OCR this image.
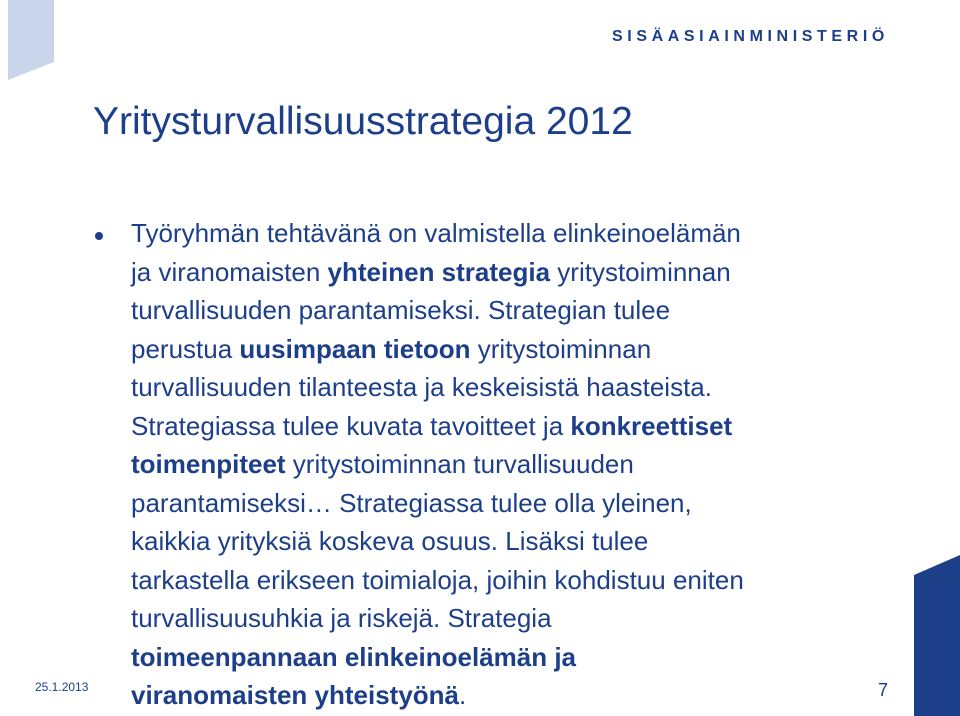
SISÄASIAINMINISTERIÖ
Yritysturvallisuusstrategia 2012

Työryhmän tehtävänä on valmistella elinkeinoelämän
ja viranomaisten yhteinen strategia yritystoiminnan
turvallisuuden parantamiseksi. Strategian tulee
perustua uusimpaan tietoon yritystoiminnan
turvallisuuden tilanteesta ja keskeisistä haasteista.
Strategiassa tulee kuvata tavoitteet ja konkreettiset
toimenpiteet yritystoiminnan turvallisuuden
parantamiseksi… Strategiassa tulee olla yleinen,
kaikkia yrityksiä koskeva osuus. Lisäksi tulee
tarkastella erikseen toimialoja, joihin kohdistuu eniten
turvallisuusuhkia ja riskejä. Strategia
toimeenpannaan elinkeinoelämän ja
viranomaisten yhteistyönä.

25.1.2013	7
